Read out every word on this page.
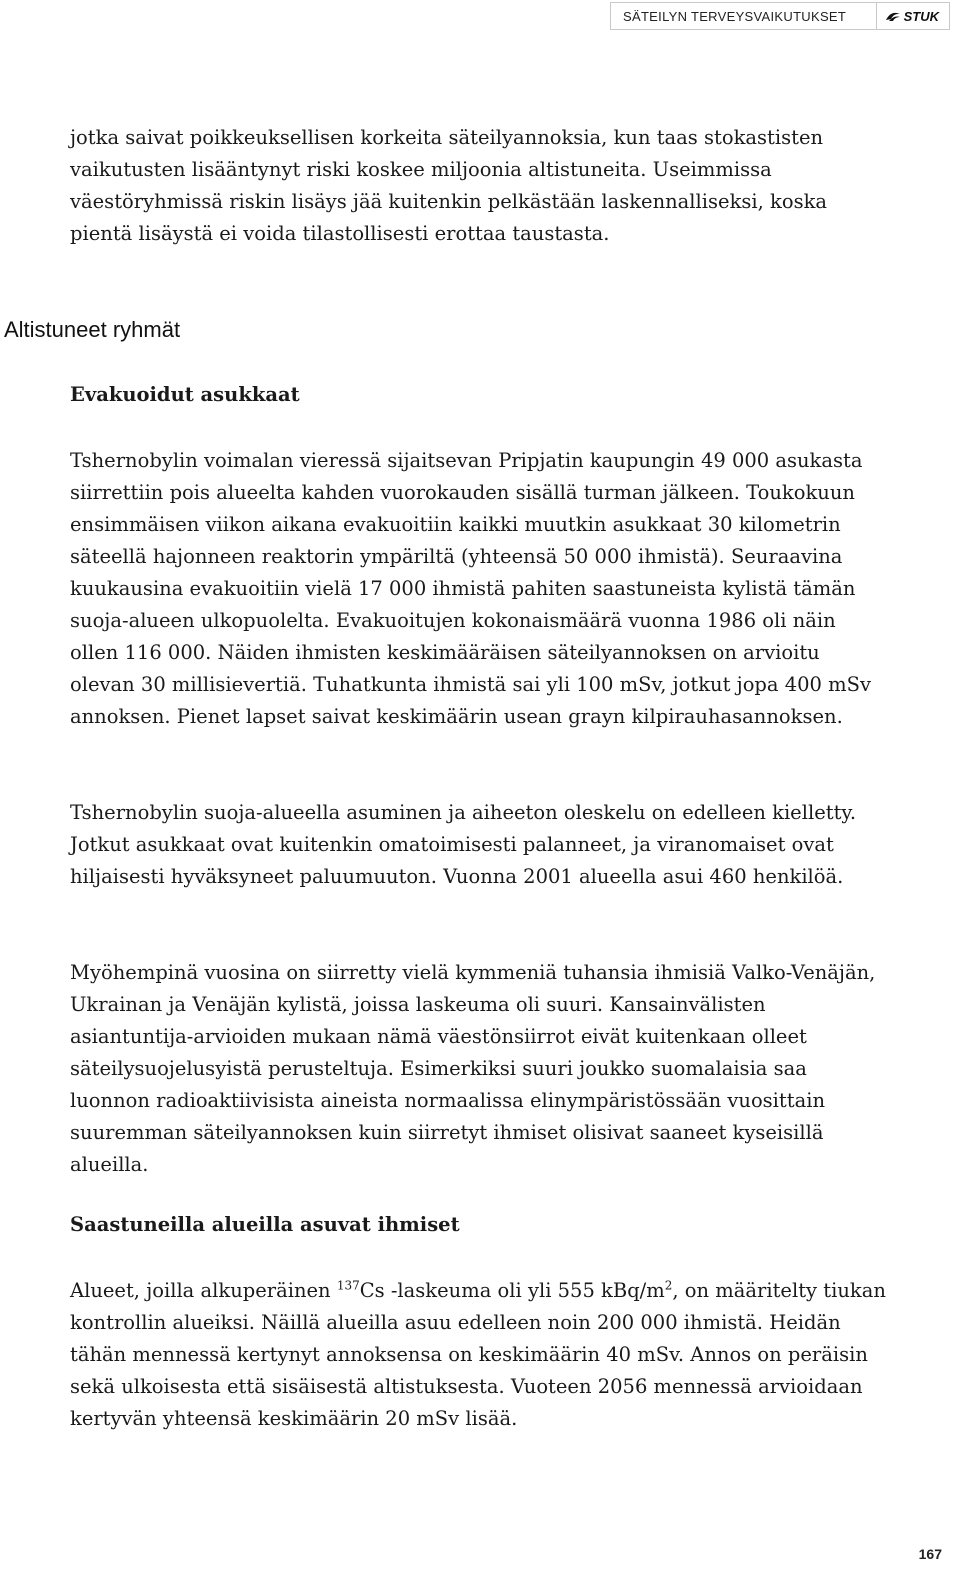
SÄTEILYN TERVEYSVAIKUTUKSET	STUK

jotka saivat poikkeuksellisen korkeita säteilyannoksia, kun taas stokastisten vaikutusten lisääntynyt riski koskee miljoonia altistuneita. Useimmissa väestöryhmissä riskin lisäys jää kuitenkin pelkästään laskennalliseksi, koska pientä lisäystä ei voida tilastollisesti erottaa taustasta.

Altistuneet ryhmät
Evakuoidut asukkaat

Tshernobylin voimalan vieressä sijaitsevan Pripjatin kaupungin 49 000 asukasta siirrettiin pois alueelta kahden vuorokauden sisällä turman jälkeen. Toukokuun ensimmäisen viikon aikana evakuoitiin kaikki muutkin asukkaat 30 kilometrin säteellä hajonneen reaktorin ympäriltä (yhteensä 50 000 ihmistä). Seuraavina kuukausina evakuoitiin vielä 17 000 ihmistä pahiten saastuneista kylistä tämän suoja-alueen ulkopuolelta. Evakuoitujen kokonaismäärä vuonna 1986 oli näin ollen 116 000. Näiden ihmisten keskimääräisen säteilyannoksen on arvioitu olevan 30 millisievertiä. Tuhatkunta ihmistä sai yli 100 mSv, jotkut jopa 400 mSv annoksen. Pienet lapset saivat keskimäärin usean grayn kilpirauhasannoksen.

Tshernobylin suoja-alueella asuminen ja aiheeton oleskelu on edelleen kielletty. Jotkut asukkaat ovat kuitenkin omatoimisesti palanneet, ja viranomaiset ovat hiljaisesti hyväksyneet paluumuuton. Vuonna 2001 alueella asui 460 henkilöä.

Myöhempinä vuosina on siirretty vielä kymmeniä tuhansia ihmisiä Valko-Venäjän, Ukrainan ja Venäjän kylistä, joissa laskeuma oli suuri. Kansainvälisten asiantuntija-arvioiden mukaan nämä väestönsiirrot eivät kuitenkaan olleet säteilysuojelusyistä perusteltuja. Esimerkiksi suuri joukko suomalaisia saa luonnon radioaktiivisista aineista normaalissa elinympäristössään vuosittain suuremman säteilyannoksen kuin siirretyt ihmiset olisivat saaneet kyseisillä alueilla.

Saastuneilla alueilla asuvat ihmiset

Alueet, joilla alkuperäinen $^{137}$Cs -laskeuma oli yli 555 kBq/$m^2$, on määritelty tiukan kontrollin alueiksi. Näillä alueilla asuu edelleen noin 200 000 ihmistä. Heidän tähän mennessä kertynyt annoksensa on keskimäärin 40 mSv. Annos on peräisin sekä ulkoisesta että sisäisestä altistuksesta. Vuoteen 2056 mennessä arvioidaan kertyvän yhteensä keskimäärin 20 mSv lisää.

167
